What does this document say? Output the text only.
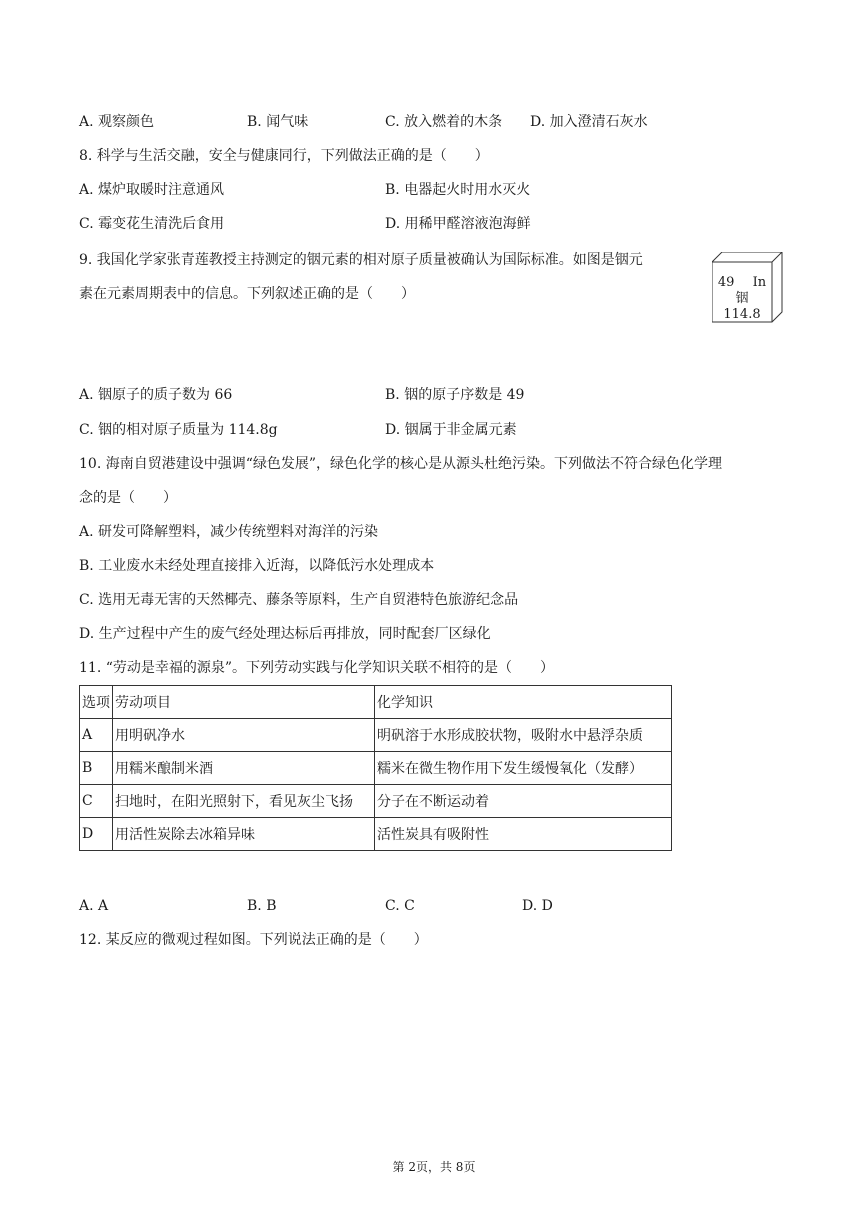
A. 观察颜色	B. 闻气味	C. 放入燃着的木条 D. 加入澄清石灰水
8. 科学与生活交融，安全与健康同行，下列做法正确的是（　　）
A. 煤炉取暖时注意通风	B. 电器起火时用水灭火
C. 霉变花生清洗后食用	D. 用稀甲醛溶液泡海鲜
9. 我国化学家张青莲教授主持测定的铟元素的相对原子质量被确认为国际标准。如图是铟元
素在元素周期表中的信息。下列叙述正确的是（　　）
49 In
铟
114.8
A. 铟原子的质子数为 66	B. 铟的原子序数是 49
C. 铟的相对原子质量为 114.8g	D. 铟属于非金属元素
10. 海南自贸港建设中强调“绿色发展”，绿色化学的核心是从源头杜绝污染。下列做法不符合绿色化学理
念的是（　　）
A. 研发可降解塑料，减少传统塑料对海洋的污染
B. 工业废水未经处理直接排入近海，以降低污水处理成本
C. 选用无毒无害的天然椰壳、藤条等原料，生产自贸港特色旅游纪念品
D. 生产过程中产生的废气经处理达标后再排放，同时配套厂区绿化
11. “劳动是幸福的源泉”。下列劳动实践与化学知识关联不相符的是（　　）
选项	劳动项目	化学知识
A	用明矾净水	明矾溶于水形成胶状物，吸附水中悬浮杂质
B	用糯米酿制米酒	糯米在微生物作用下发生缓慢氧化（发酵）
C	扫地时，在阳光照射下，看见灰尘飞扬	分子在不断运动着
D	用活性炭除去冰箱异味	活性炭具有吸附性
A. A	B. B	C. C	D. D
12. 某反应的微观过程如图。下列说法正确的是（　　）
第 2页，共 8页
